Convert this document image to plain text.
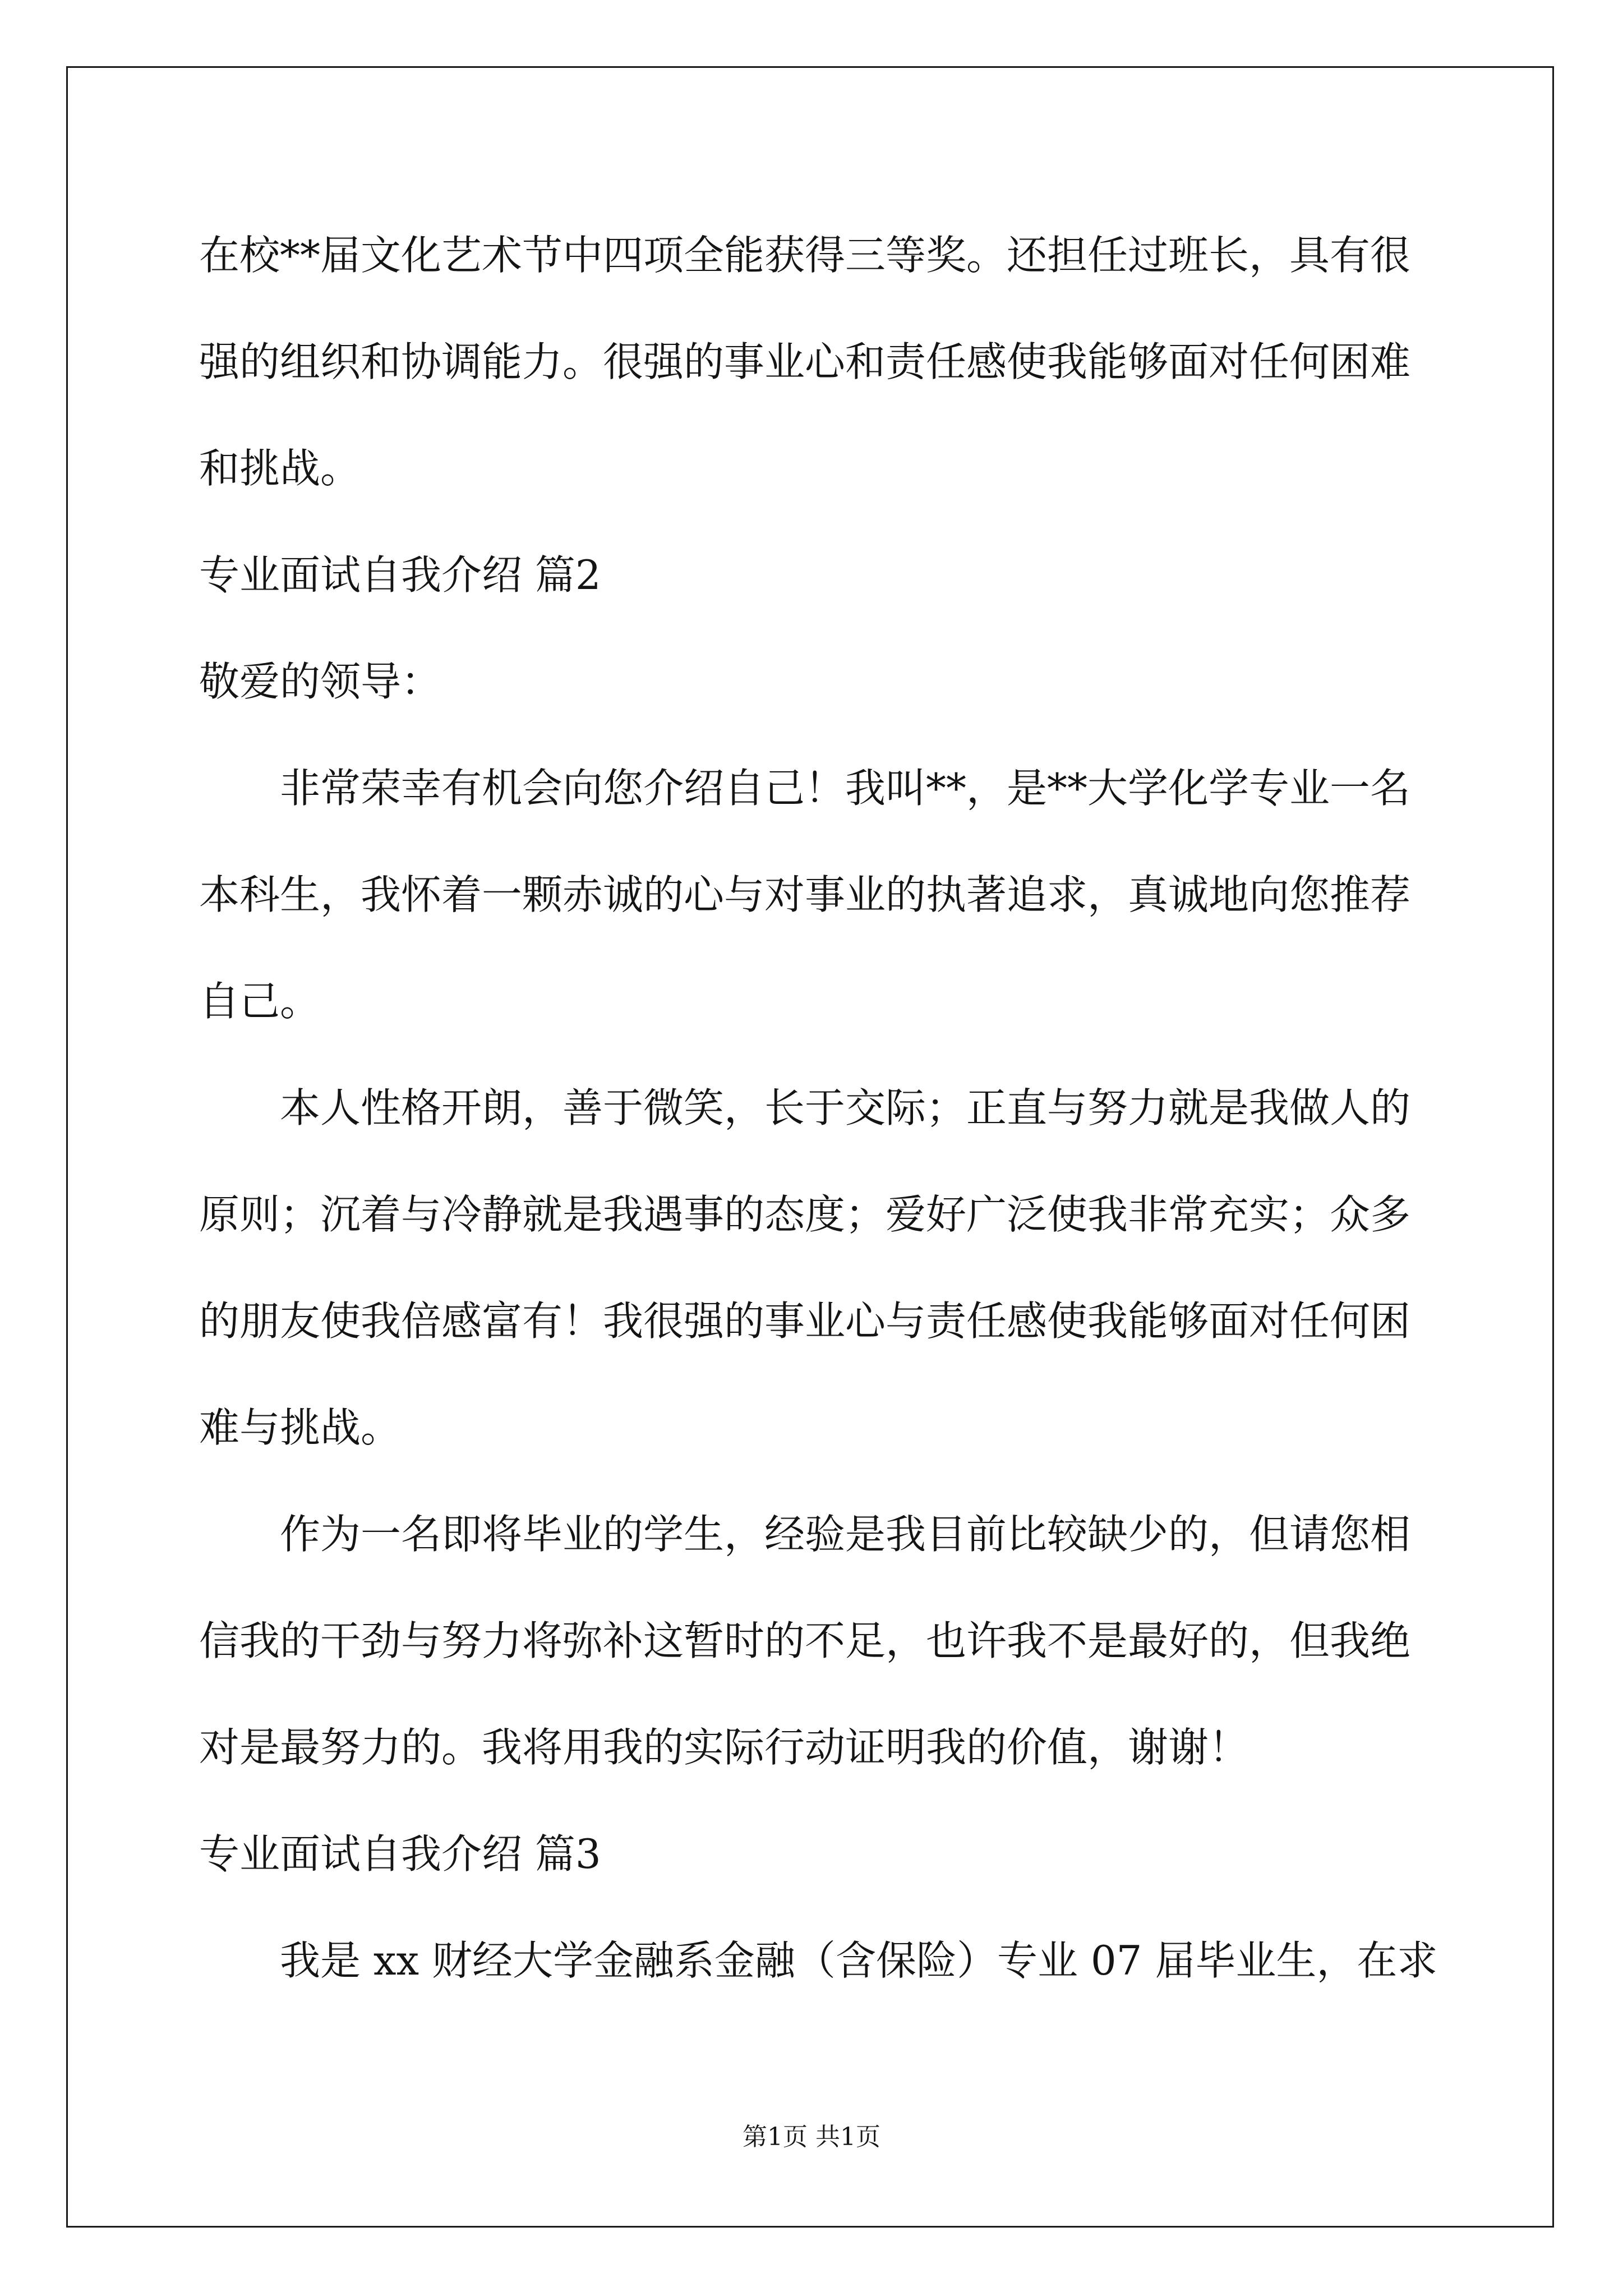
在校**届文化艺术节中四项全能获得三等奖。还担任过班长，具有很

强的组织和协调能力。很强的事业心和责任感使我能够面对任何困难

和挑战。

专业面试自我介绍 篇2

敬爱的领导：

非常荣幸有机会向您介绍自己！我叫**，是**大学化学专业一名

本科生，我怀着一颗赤诚的心与对事业的执著追求，真诚地向您推荐

自己。

本人性格开朗，善于微笑，长于交际；正直与努力就是我做人的

原则；沉着与冷静就是我遇事的态度；爱好广泛使我非常充实；众多

的朋友使我倍感富有！我很强的事业心与责任感使我能够面对任何困

难与挑战。

作为一名即将毕业的学生，经验是我目前比较缺少的，但请您相

信我的干劲与努力将弥补这暂时的不足，也许我不是最好的，但我绝

对是最努力的。我将用我的实际行动证明我的价值，谢谢！

专业面试自我介绍 篇3

我是 xx 财经大学金融系金融（含保险）专业 07 届毕业生，在求

第1页 共1页
